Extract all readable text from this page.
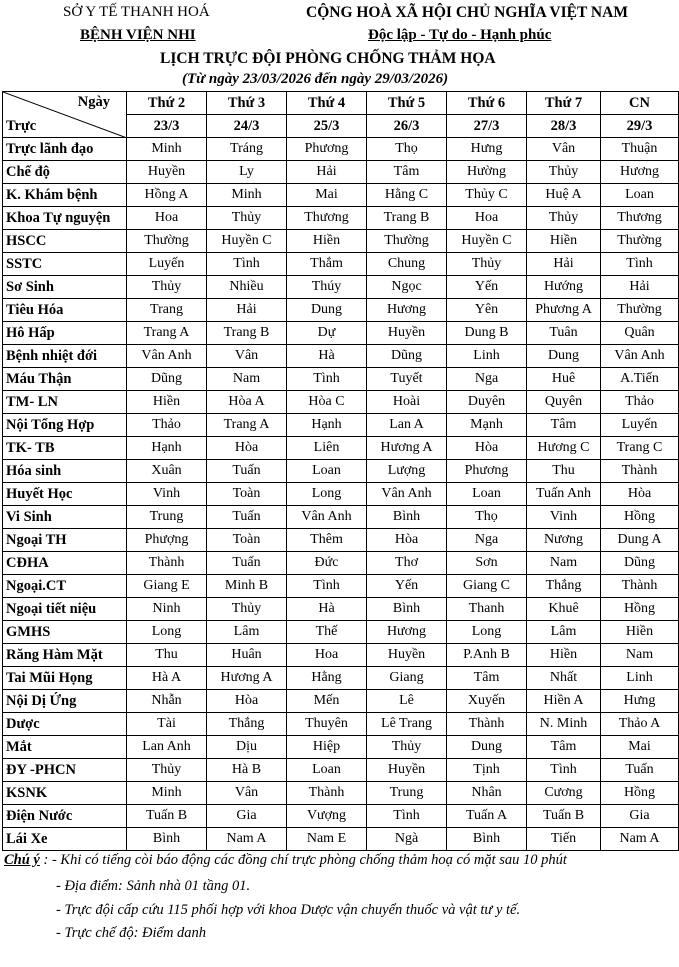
SỞ Y TẾ THANH HOÁ
BỆNH VIỆN NHI
CỘNG HOÀ XÃ HỘI CHỦ NGHĨA VIỆT NAM
Độc lập - Tự do - Hạnh phúc
LỊCH TRỰC ĐỘI PHÒNG CHỐNG THẢM HỌA
(Từ ngày 23/03/2026 đến ngày 29/03/2026)
Ngày
Trực	Thứ 2	Thứ 3	Thứ 4	Thứ 5	Thứ 6	Thứ 7	CN
	23/3	24/3	25/3	26/3	27/3	28/3	29/3
Trực lãnh đạo	Minh	Tráng	Phương	Thọ	Hưng	Vân	Thuận
Chế độ	Huyền	Ly	Hải	Tâm	Hường	Thủy	Hương
K. Khám bệnh	Hồng A	Minh	Mai	Hằng C	Thủy C	Huệ A	Loan
Khoa Tự nguyện	Hoa	Thủy	Thương	Trang B	Hoa	Thủy	Thương
HSCC	Thường	Huyền C	Hiền	Thường	Huyền C	Hiền	Thường
SSTC	Luyến	Tình	Thắm	Chung	Thủy	Hải	Tình
Sơ Sinh	Thủy	Nhiều	Thúy	Ngọc	Yến	Hướng	Hải
Tiêu Hóa	Trang	Hải	Dung	Hương	Yên	Phương A	Thường
Hô Hấp	Trang A	Trang B	Dự	Huyền	Dung B	Tuân	Quân
Bệnh nhiệt đới	Vân Anh	Vân	Hà	Dũng	Linh	Dung	Vân Anh
Máu Thận	Dũng	Nam	Tình	Tuyết	Nga	Huê	A.Tiến
TM- LN	Hiền	Hòa A	Hòa C	Hoài	Duyên	Quyên	Thảo
Nội Tổng Hợp	Thảo	Trang A	Hạnh	Lan A	Mạnh	Tâm	Luyến
TK- TB	Hạnh	Hòa	Liên	Hương A	Hòa	Hương C	Trang C
Hóa sinh	Xuân	Tuấn	Loan	Lượng	Phương	Thu	Thành
Huyết Học	Vinh	Toàn	Long	Vân Anh	Loan	Tuấn Anh	Hòa
Vi Sinh	Trung	Tuấn	Vân Anh	Bình	Thọ	Vinh	Hồng
Ngoại TH	Phượng	Toàn	Thêm	Hòa	Nga	Nương	Dung A
CĐHA	Thành	Tuấn	Đức	Thơ	Sơn	Nam	Dũng
Ngoại.CT	Giang E	Minh B	Tình	Yến	Giang C	Thắng	Thành
Ngoại tiết niệu	Ninh	Thủy	Hà	Bình	Thanh	Khuê	Hồng
GMHS	Long	Lâm	Thế	Hương	Long	Lâm	Hiền
Răng Hàm Mặt	Thu	Huân	Hoa	Huyền	P.Anh B	Hiền	Nam
Tai Mũi Họng	Hà A	Hương A	Hằng	Giang	Tâm	Nhất	Linh
Nội Dị Ứng	Nhẫn	Hòa	Mến	Lê	Xuyến	Hiền A	Hưng
Dược	Tài	Thắng	Thuyên	Lê Trang	Thành	N. Minh	Thảo A
Mắt	Lan Anh	Dịu	Hiệp	Thủy	Dung	Tâm	Mai
ĐY -PHCN	Thủy	Hà B	Loan	Huyền	Tịnh	Tình	Tuấn
KSNK	Minh	Vân	Thành	Trung	Nhân	Cương	Hồng
Điện Nước	Tuấn B	Gia	Vượng	Tình	Tuấn A	Tuấn B	Gia
Lái Xe	Bình	Nam A	Nam E	Ngà	Bình	Tiến	Nam A
Chú ý : - Khi có tiếng còi báo động các đồng chí trực phòng chống thảm hoạ có mặt sau 10 phút
- Địa điểm: Sảnh nhà 01 tầng 01.
- Trực đội cấp cứu 115 phối hợp với khoa Dược vận chuyển thuốc và vật tư y tế.
- Trực chế độ: Điểm danh
